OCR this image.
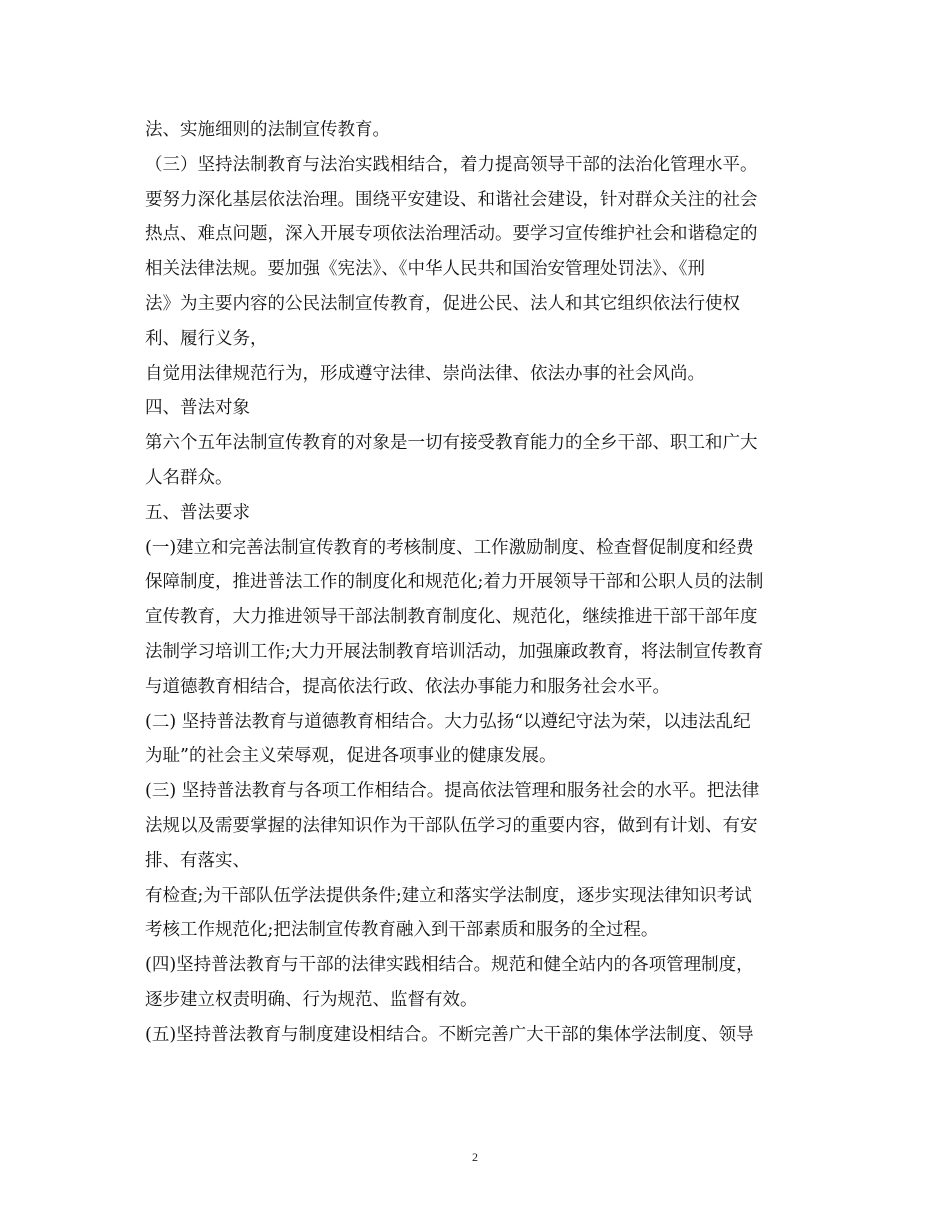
法、实施细则的法制宣传教育。
（三）坚持法制教育与法治实践相结合，着力提高领导干部的法治化管理水平。
要努力深化基层依法治理。围绕平安建设、和谐社会建设，针对群众关注的社会
热点、难点问题，深入开展专项依法治理活动。要学习宣传维护社会和谐稳定的
相关法律法规。要加强《宪法》、《中华人民共和国治安管理处罚法》、《刑
法》为主要内容的公民法制宣传教育，促进公民、法人和其它组织依法行使权
利、履行义务，
自觉用法律规范行为，形成遵守法律、崇尚法律、依法办事的社会风尚。
四、普法对象
第六个五年法制宣传教育的对象是一切有接受教育能力的全乡干部、职工和广大
人名群众。
五、普法要求
(一)建立和完善法制宣传教育的考核制度、工作激励制度、检查督促制度和经费
保障制度，推进普法工作的制度化和规范化;着力开展领导干部和公职人员的法制
宣传教育，大力推进领导干部法制教育制度化、规范化，继续推进干部干部年度
法制学习培训工作;大力开展法制教育培训活动，加强廉政教育，将法制宣传教育
与道德教育相结合，提高依法行政、依法办事能力和服务社会水平。
(二) 坚持普法教育与道德教育相结合。大力弘扬“以遵纪守法为荣，以违法乱纪
为耻”的社会主义荣辱观，促进各项事业的健康发展。
(三) 坚持普法教育与各项工作相结合。提高依法管理和服务社会的水平。把法律
法规以及需要掌握的法律知识作为干部队伍学习的重要内容，做到有计划、有安
排、有落实、
有检查;为干部队伍学法提供条件;建立和落实学法制度，逐步实现法律知识考试
考核工作规范化;把法制宣传教育融入到干部素质和服务的全过程。
(四)坚持普法教育与干部的法律实践相结合。规范和健全站内的各项管理制度，
逐步建立权责明确、行为规范、监督有效。
(五)坚持普法教育与制度建设相结合。不断完善广大干部的集体学法制度、领导
2
